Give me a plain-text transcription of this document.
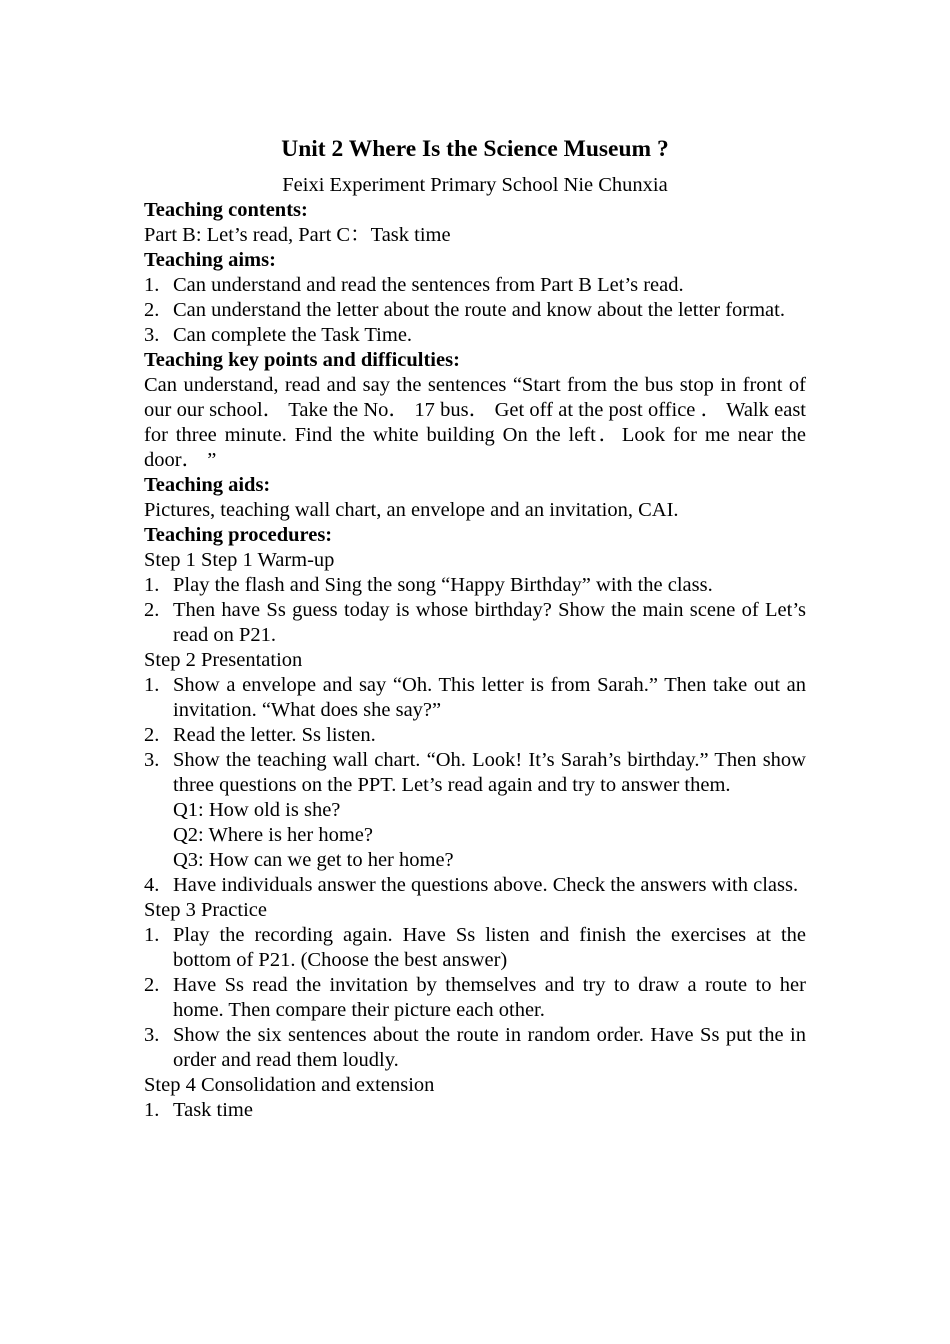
Unit 2 Where Is the Science Museum ?
Feixi Experiment Primary School Nie Chunxia
Teaching contents:
Part B: Let’s read, Part C：Task time
Teaching aims:
1. Can understand and read the sentences from Part B Let’s read.
2. Can understand the letter about the route and know about the letter format.
3. Can complete the Task Time.
Teaching key points and difficulties:
Can understand, read and say the sentences “Start from the bus stop in front of our our school． Take the No． 17 bus． Get off at the post office ． Walk east for three minute. Find the white building On the left．Look for me near the door． ”
Teaching aids:
Pictures, teaching wall chart, an envelope and an invitation, CAI.
Teaching procedures:
Step 1 Step 1 Warm-up
1. Play the flash and Sing the song “Happy Birthday” with the class.
2. Then have Ss guess today is whose birthday? Show the main scene of Let’s read on P21.
Step 2 Presentation
1. Show a envelope and say “Oh. This letter is from Sarah.” Then take out an invitation. “What does she say?”
2. Read the letter. Ss listen.
3. Show the teaching wall chart. “Oh. Look! It’s Sarah’s birthday.” Then show three questions on the PPT. Let’s read again and try to answer them.
Q1: How old is she?
Q2: Where is her home?
Q3: How can we get to her home?
4. Have individuals answer the questions above. Check the answers with class.
Step 3 Practice
1. Play the recording again. Have Ss listen and finish the exercises at the bottom of P21. (Choose the best answer)
2. Have Ss read the invitation by themselves and try to draw a route to her home. Then compare their picture each other.
3. Show the six sentences about the route in random order. Have Ss put the in order and read them loudly.
Step 4 Consolidation and extension
1. Task time
